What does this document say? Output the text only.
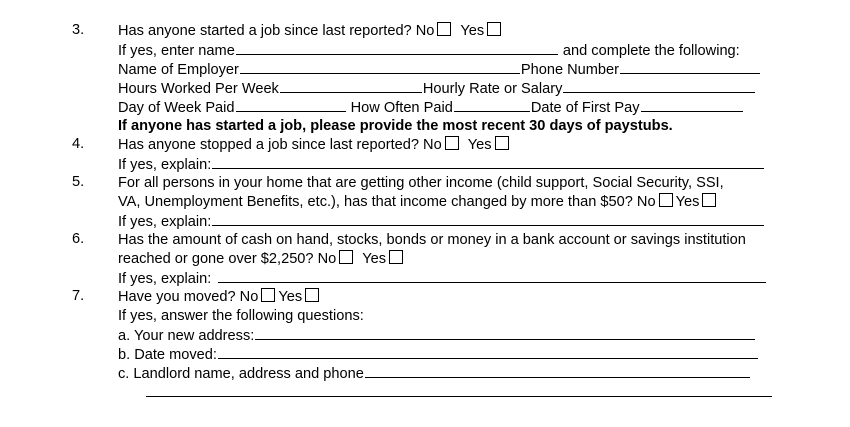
3. Has anyone started a job since last reported? No Yes
If yes, enter name	and complete the following:
Name of Employer	Phone Number
Hours Worked Per Week	Hourly Rate or Salary
Day of Week Paid	How Often Paid	Date of First Pay
If anyone has started a job, please provide the most recent 30 days of paystubs.
4. Has anyone stopped a job since last reported? No Yes
If yes, explain:
5. For all persons in your home that are getting other income (child support, Social Security, SSI,
VA, Unemployment Benefits, etc.), has that income changed by more than $50? No Yes
If yes, explain:
6. Has the amount of cash on hand, stocks, bonds or money in a bank account or savings institution
reached or gone over $2,250? No Yes
If yes, explain:
7. Have you moved? No Yes
If yes, answer the following questions:
a. Your new address:
b. Date moved:
c. Landlord name, address and phone
